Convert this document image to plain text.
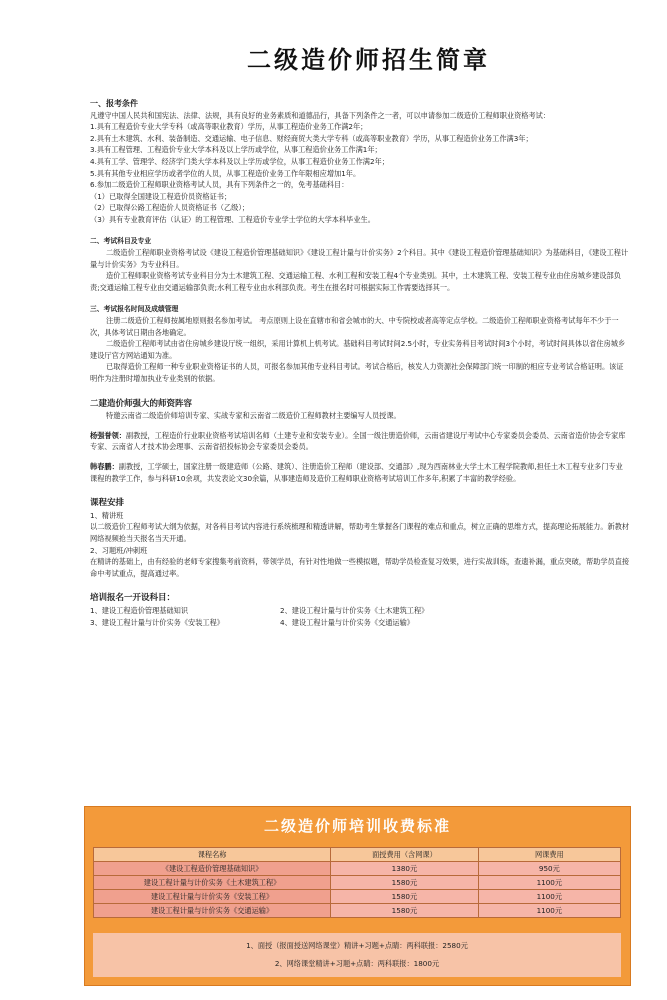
二级造价师招生简章
一、报考条件

凡遵守中国人民共和国宪法、法律、法规，具有良好的业务素质和道德品行，具备下列条件之一者，可以申请参加二级造价工程师职业资格考试：

1.具有工程造价专业大学专科（或高等职业教育）学历，从事工程造价业务工作满2年；

2.具有土木建筑、水利、装备制造、交通运输、电子信息、财经商贸大类大学专科（或高等职业教育）学历，从事工程造价业务工作满3年；

3.具有工程管理、工程造价专业大学本科及以上学历或学位，从事工程造价业务工作满1年；

4.具有工学、管理学、经济学门类大学本科及以上学历或学位，从事工程造价业务工作满2年；

5.具有其他专业相应学历或者学位的人员，从事工程造价业务工作年限相应增加1年。

6.参加二级造价工程师职业资格考试人员，具有下列条件之一的，免考基础科目：

（1）已取得全国建设工程造价员资格证书；

（2）已取得公路工程造价人员资格证书（乙级）；

（3）具有专业教育评估（认证）的工程管理、工程造价专业学士学位的大学本科毕业生。

二、考试科目及专业

二级造价工程师职业资格考试设《建设工程造价管理基础知识》《建设工程计量与计价实务》2个科目。其中《建设工程造价管理基础知识》为基础科目，《建设工程计量与计价实务》为专业科目。

造价工程师职业资格考试专业科目分为土木建筑工程、交通运输工程、水利工程和安装工程4个专业类别。其中，土木建筑工程、安装工程专业由住房城乡建设部负责;交通运输工程专业由交通运输部负责;水利工程专业由水利部负责。考生在报名时可根据实际工作需要选择其一。

三、考试报名时间及成绩管理

注册二级造价工程师按属地原则报名参加考试。 考点原则上设在直辖市和省会城市的大、中专院校或者高等定点学校。二级造价工程师职业资格考试每年不少于一次，具体考试日期由各地确定。

二级造价工程师考试由省住房城乡建设厅统一组织，采用计算机上机考试。基础科目考试时间2.5小时，专业实务科目考试时间3个小时，考试时间具体以省住房城乡建设厅官方网站通知为准。

已取得造价工程师一种专业职业资格证书的人员，可报名参加其他专业科目考试。考试合格后，核发人力资源社会保障部门统一印制的相应专业考试合格证明。该证明作为注册时增加执业专业类别的依据。

二建造价师强大的师资阵容

特邀云南省二级造价师培训专家、实战专家和云南省二级造价工程师教材主要编写人员授课。

杨强誉领：副教授，工程造价行业职业资格考试培训名师（土建专业和安装专业）。全国一级注册造价师，云南省建设厅考试中心专家委员会委员、云南省造价协会专家库专家、云南省人才技术协会理事、云南省招投标协会专家委员会委员。

韩春鹏：副教授，工学硕士，国家注册一级建造师（公路、建筑）、注册造价工程师（建设部、交通部）,现为西南林业大学土木工程学院教师,担任土木工程专业多门专业课程的教学工作，参与科研10余项，共发表论文30余篇，从事建造师及造价工程师职业资格考试培训工作多年,积累了丰富的教学经验。

课程安排

1、精讲班

以二级造价工程师考试大纲为依据，对各科目考试内容进行系统梳理和精透讲解，帮助考生掌握各门课程的难点和重点，树立正确的思维方式，提高理论拓展能力。新教材网络视频抢当天报名当天开通。

2、习题班/冲刺班

在精讲的基础上，由有经验的老师专家搜集考前资料，带领学员，有针对性地做一些模拟题，帮助学员检查复习效果，进行实战训练，查遗补漏，重点突破，帮助学员直接命中考试重点，提高通过率。

培训报名一开设科目：
1、建设工程造价管理基础知识	2、建设工程计量与计价实务《土木建筑工程》
3、建设工程计量与计价实务《安装工程》	4、建设工程计量与计价实务《交通运输》
二级造价师培训收费标准
课程名称	面授费用（含网课）	网课费用
《建设工程造价管理基础知识》	1380元	950元
建设工程计量与计价实务《土木建筑工程》	1580元	1100元
建设工程计量与计价实务《安装工程》	1580元	1100元
建设工程计量与计价实务《交通运输》	1580元	1100元
1、面授（报面授送网络课堂）精讲+习题+点睛：两科联报：2580元
2、网络课堂精讲+习题+点睛：两科联报：1800元
